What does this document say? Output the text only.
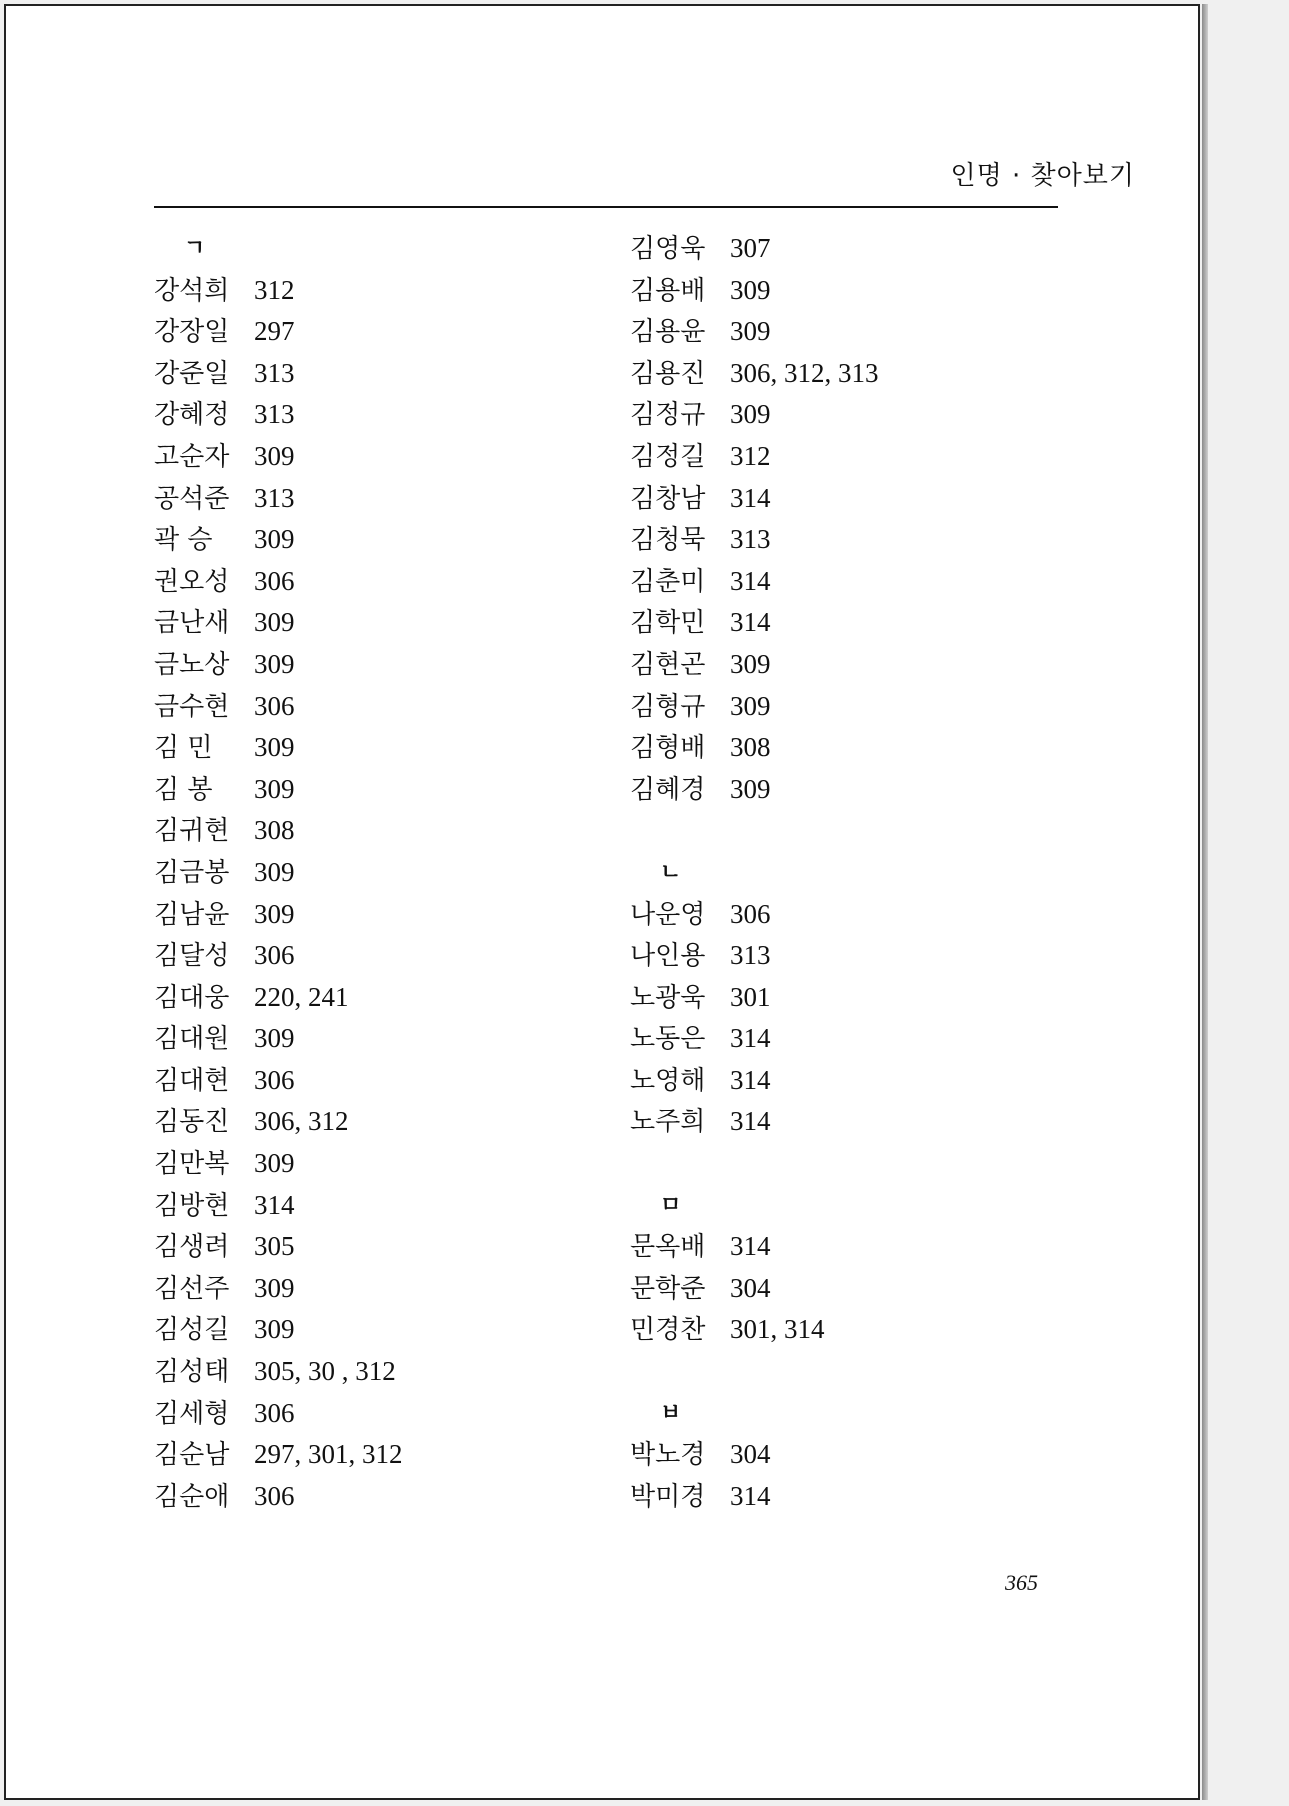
인명 · 찾아보기
ㄱ
강석희 312
강장일 297
강준일 313
강혜정 313
고순자 309
공석준 313
곽 승 309
권오성 306
금난새 309
금노상 309
금수현 306
김 민 309
김 봉 309
김귀현 308
김금봉 309
김남윤 309
김달성 306
김대웅 220, 241
김대원 309
김대현 306
김동진 306, 312
김만복 309
김방현 314
김생려 305
김선주 309
김성길 309
김성태 305, 30 , 312
김세형 306
김순남 297, 301, 312
김순애 306
김영욱 307
김용배 309
김용윤 309
김용진 306, 312, 313
김정규 309
김정길 312
김창남 314
김청묵 313
김춘미 314
김학민 314
김현곤 309
김형규 309
김형배 308
김혜경 309
ㄴ
나운영 306
나인용 313
노광욱 301
노동은 314
노영해 314
노주희 314
ㅁ
문옥배 314
문학준 304
민경찬 301, 314
ㅂ
박노경 304
박미경 314
365
